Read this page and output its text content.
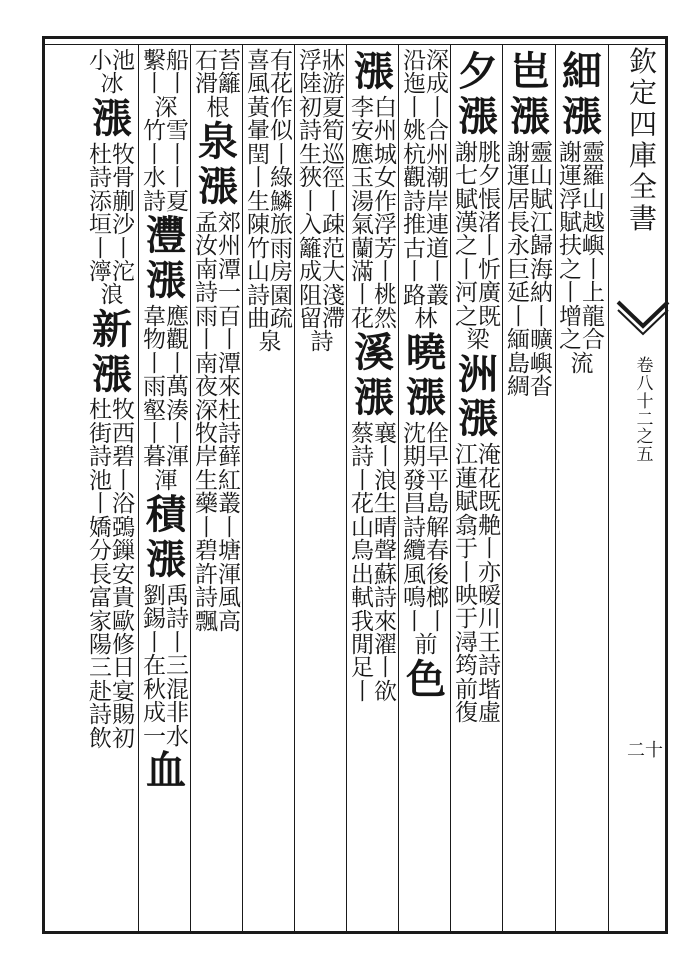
細
漲
謝靈運羅浮山賦越扶嶼之丨丨上增龍之合流
岜
漲
謝靈運山居賦長江永歸巨海延納丨丨緬曠島嶼綢沓
夕
漲
謝朓七夕賦悵漢渚之丨丨忻河廣之既梁
洲
漲
江淹蓮花賦既翕艴于丨丨亦映暧于川潯王筠詩前堦復虛
沿深迤成丨丨姚合杭州觀潮詩岸推連古道丨丨路叢林
曉
漲
沈佺期早發平昌島詩解纜春風後鳴榔丨丨前
色
漲
李白安州應城玉女湯作氣浮蘭芳滿丨丨桃花然
溪
漲
蔡襄詩丨丨浪花生山晴鳥聲出蘇軾詩我來閒濯足丨丨欲
浮牀陸游初夏詩筍生巡狹徑丨丨入疎籬范成大阻淺留滯詩
喜有風花黃作暈似閏丨丨綠生鱗陳旅竹雨山房詩園曲疏泉
石苔滑籬根
泉
漲
孟郊汝州南潭詩一雨百丨丨南潭夜來深杜牧詩岸藓生紅藥叢
丨丨碧塘許渾詩風飄高
繫船丨丨深
竹雪丨丨水丨詩夏
灃
漲
韋應物觀丨丨雨萬壑湊丨丨暮渾渾
積
漲
劉禹錫詩丨丨在三秋混成非一水
血
小池冰
漲
杜牧詩骨添蒯垣沙丨丨濘沱浪
新
漲
杜牧街西詩碧池丨丨浴嬌鵶分鏁長安富貴家歐陽修三日赴宴詩賜飲初
欽
定
四
庫
全
書
卷
八
十
二
之
五
二十
